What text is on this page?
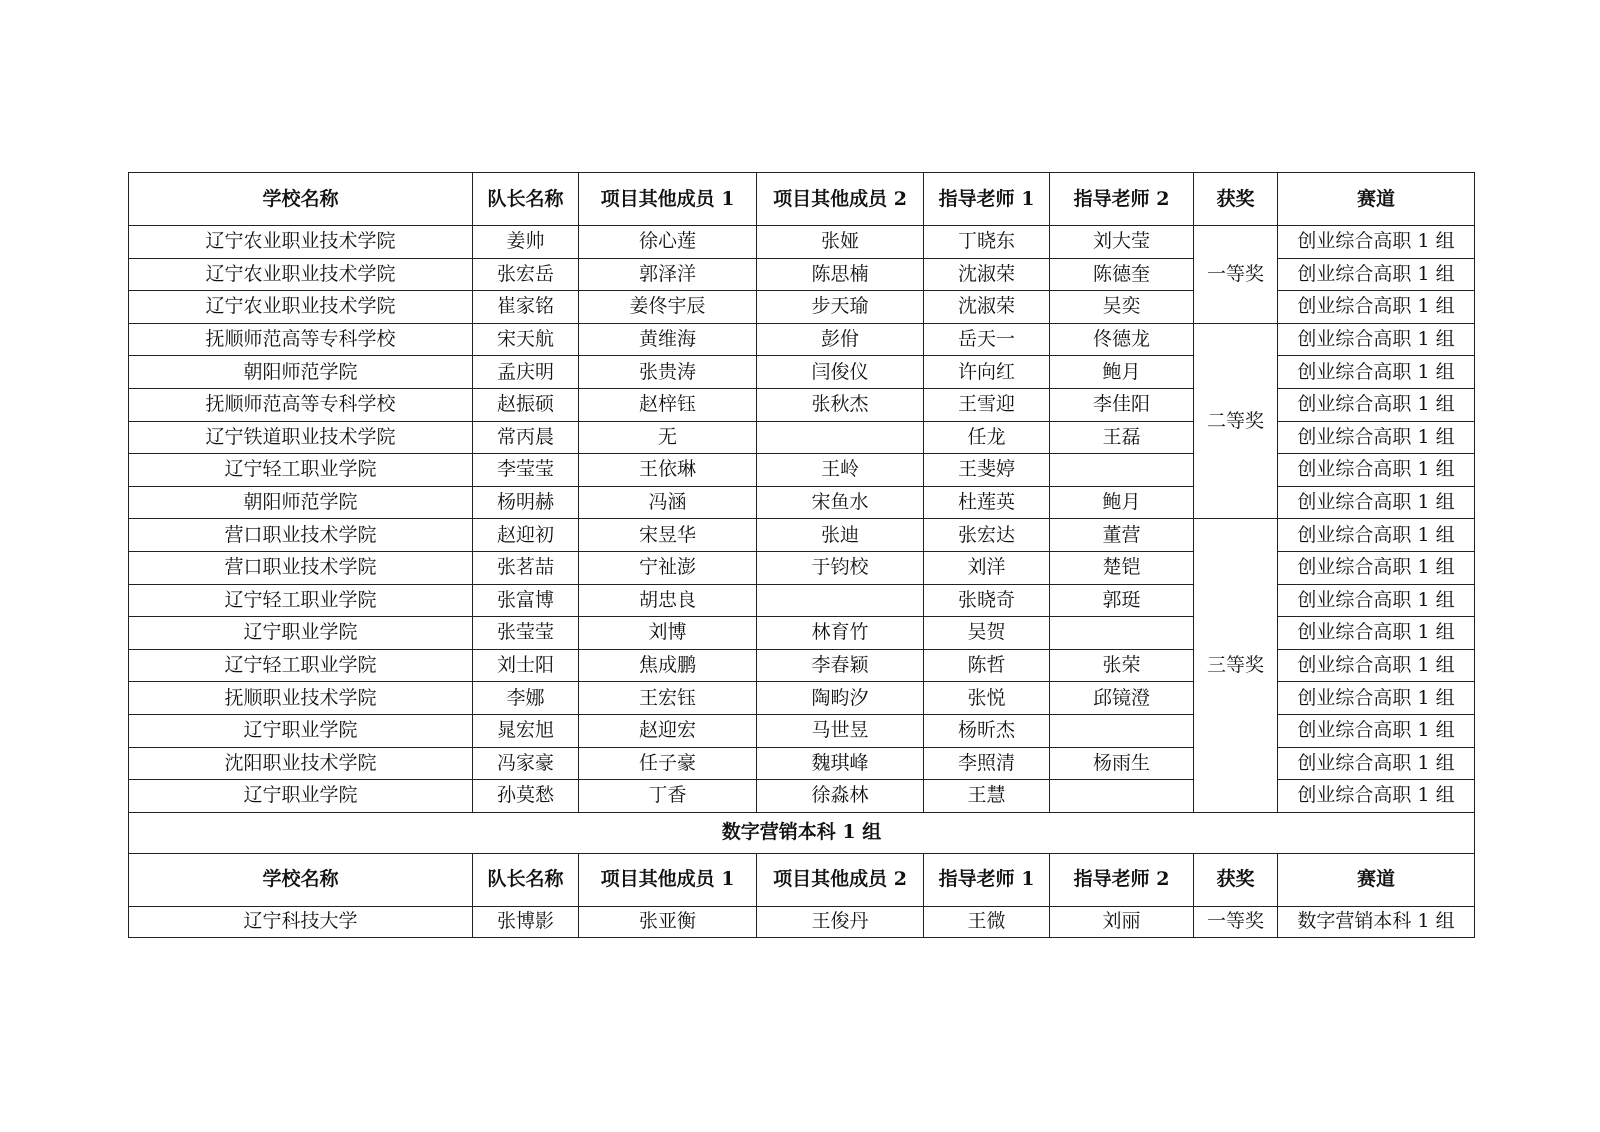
学校名称	队长名称	项目其他成员 1	项目其他成员 2	指导老师 1	指导老师 2	获奖	赛道
辽宁农业职业技术学院	姜帅	徐心莲	张娅	丁晓东	刘大莹	一等奖	创业综合高职 1 组
辽宁农业职业技术学院	张宏岳	郭泽洋	陈思楠	沈淑荣	陈德奎		创业综合高职 1 组
辽宁农业职业技术学院	崔家铭	姜佟宇辰	步天瑜	沈淑荣	吴奕		创业综合高职 1 组
抚顺师范高等专科学校	宋天航	黄维海	彭佾	岳天一	佟德龙	二等奖	创业综合高职 1 组
朝阳师范学院	孟庆明	张贵涛	闫俊仪	许向红	鲍月		创业综合高职 1 组
抚顺师范高等专科学校	赵振硕	赵梓钰	张秋杰	王雪迎	李佳阳		创业综合高职 1 组
辽宁铁道职业技术学院	常丙晨	无		任龙	王磊		创业综合高职 1 组
辽宁轻工职业学院	李莹莹	王依琳	王岭	王斐婷			创业综合高职 1 组
朝阳师范学院	杨明赫	冯涵	宋鱼水	杜莲英	鲍月		创业综合高职 1 组
营口职业技术学院	赵迎初	宋昱华	张迪	张宏达	董营	三等奖	创业综合高职 1 组
营口职业技术学院	张茗喆	宁祉澎	于钧校	刘洋	楚铠		创业综合高职 1 组
辽宁轻工职业学院	张富博	胡忠良		张晓奇	郭珽		创业综合高职 1 组
辽宁职业学院	张莹莹	刘博	林育竹	吴贺			创业综合高职 1 组
辽宁轻工职业学院	刘士阳	焦成鹏	李春颖	陈哲	张荣		创业综合高职 1 组
抚顺职业技术学院	李娜	王宏钰	陶畇汐	张悦	邱镜澄		创业综合高职 1 组
辽宁职业学院	晁宏旭	赵迎宏	马世昱	杨昕杰			创业综合高职 1 组
沈阳职业技术学院	冯家豪	任子豪	魏琪峰	李照清	杨雨生		创业综合高职 1 组
辽宁职业学院	孙莫愁	丁香	徐淼林	王慧			创业综合高职 1 组
数字营销本科 1 组							
学校名称	队长名称	项目其他成员 1	项目其他成员 2	指导老师 1	指导老师 2	获奖	赛道
辽宁科技大学	张博影	张亚衡	王俊丹	王微	刘丽	一等奖	数字营销本科 1 组
